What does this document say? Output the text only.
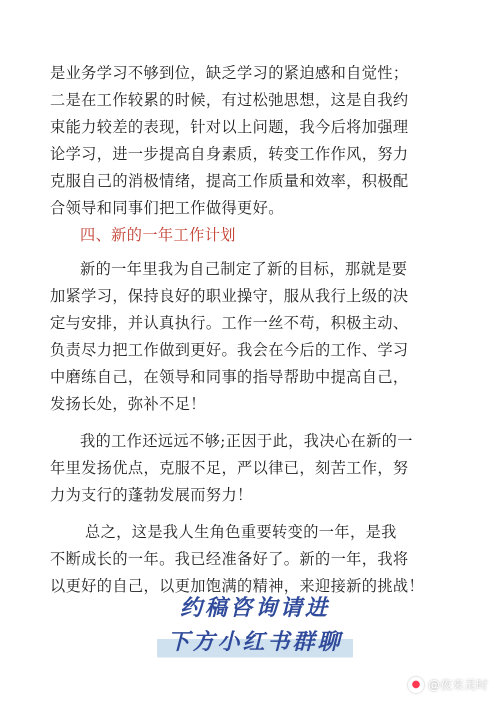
是业务学习不够到位，缺乏学习的紧迫感和自觉性；
二是在工作较累的时候，有过松弛思想，这是自我约
束能力较差的表现，针对以上问题，我今后将加强理
论学习，进一步提高自身素质，转变工作作风，努力
克服自己的消极情绪，提高工作质量和效率，积极配
合领导和同事们把工作做得更好。
四、新的一年工作计划
新的一年里我为自己制定了新的目标，那就是要
加紧学习，保持良好的职业操守，服从我行上级的决
定与安排，并认真执行。工作一丝不苟，积极主动、
负责尽力把工作做到更好。我会在今后的工作、学习
中磨练自己，在领导和同事的指导帮助中提高自己，
发扬长处，弥补不足！
我的工作还远远不够;正因于此，我决心在新的一
年里发扬优点，克服不足，严以律已，刻苦工作，努
力为支行的蓬勃发展而努力！
总之，这是我人生角色重要转变的一年，是我
不断成长的一年。我已经准备好了。新的一年，我将
以更好的自己，以更加饱满的精神，来迎接新的挑战！
约稿咨询请进
下方小红书群聊
● @夜来灵时
